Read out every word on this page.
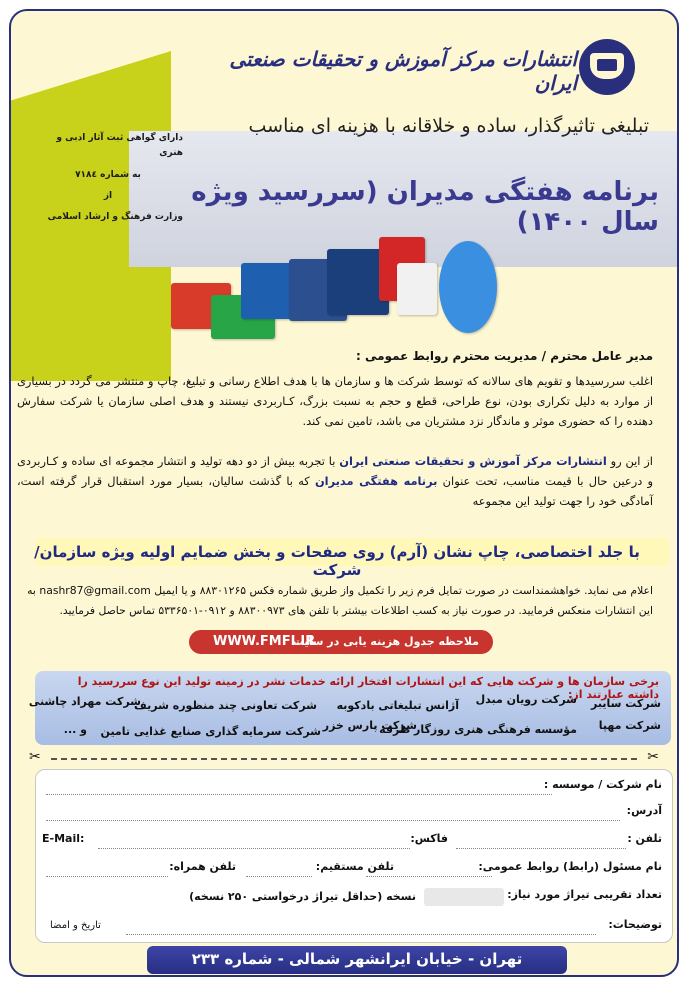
انتشارات مرکز آموزش و تحقیقات صنعتی ایران
تبلیغی تاثیرگذار، ساده و خلاقانه با هزینه ای مناسب
دارای گواهی ثبت آثار ادبی و هنری
به شماره ۷۱۸٤
از
وزارت فرهنگ و ارشاد اسلامی
برنامه هفتگی مدیران (سررسید ویژه سال ۱۴۰۰)
مدیر عامل محترم / مدیریت محترم روابط عمومی :
اغلب سررسیدها و تقویم های سالانه که توسط شرکت ها و سازمان ها با هدف اطلاع رسانی و تبلیغ، چاپ و منتشر می گردد در بسیاری از موارد به دلیل تکراری بودن، نوع طراحی، قطع و حجم به نسبت بزرگ، کـاربردی نیستند و هدف اصلی سازمان یا شرکت سفارش دهنده را که حضوری موثر و ماندگار نزد مشتریان می باشد، تامین نمی کند.
از این رو انتشارات مرکز آموزش و تحقیقات صنعتی ایران با تجربه بیش از دو دهه تولید و انتشار مجموعه ای ساده و کـاربردی و درعین حال با قیمت مناسب، تحت عنوان برنامه هفتگی مدیران که با گذشت سالیان، بسیار مورد استقبال قرار گرفته است، آمادگی خود را جهت تولید این مجموعه
با جلد اختصاصی، چاپ نشان (آرم) روی صفحات و بخش ضمایم اولیه ویژه سازمان/شرکت
اعلام می نماید. خواهشمنداست در صورت تمایل فرم زیر را تکمیل واز طریق شماره فکس ۸۸۳۰۱۲۶۵ و یا ایمیل nashr87@gmail.com به
این انتشارات منعکس فرمایید. در صورت نیاز به کسب اطلاعات بیشتر با تلفن های ۸۸۳۰۰۹۷۳ و ۰۹۱۲-۵۳۳۶۵۰۱ تماس حاصل فرمایید.
ملاحظه جدول هزینه یابی در سایت
WWW.FMFI.IR
برخی سازمان ها و شرکت هایی که این انتشارات افتخار ارائه خدمات نشر در زمینه تولید این نوع سررسید را داشته عبارتند از:
شرکت سایبر
شرکت رویان مبدل
آژانس تبلیغاتی بادکوبه
شرکت تعاونی چند منظوره شریف
شرکت مهراد چاشنی
شرکت مهپا
مؤسسه فرهنگی هنری روزگار طرفه
شرکت پارس خزر
شرکت سرمایه گذاری صنایع غذایی تامین
و ...
✂	✂
نام شرکت / موسسه :
آدرس:
تلفن :
فاکس:
E-Mail:
نام مسئول (رابط) روابط عمومی:
تلفن مستقیم:
تلفن همراه:
تعداد تقریبی تیراژ مورد نیاز:
نسخه (حداقل تیراژ درخواستی ۲۵۰ نسخه)
توضیحات:
تاریخ و امضا
تهران - خیابان ایرانشهر شمالی - شماره ۲۳۳
